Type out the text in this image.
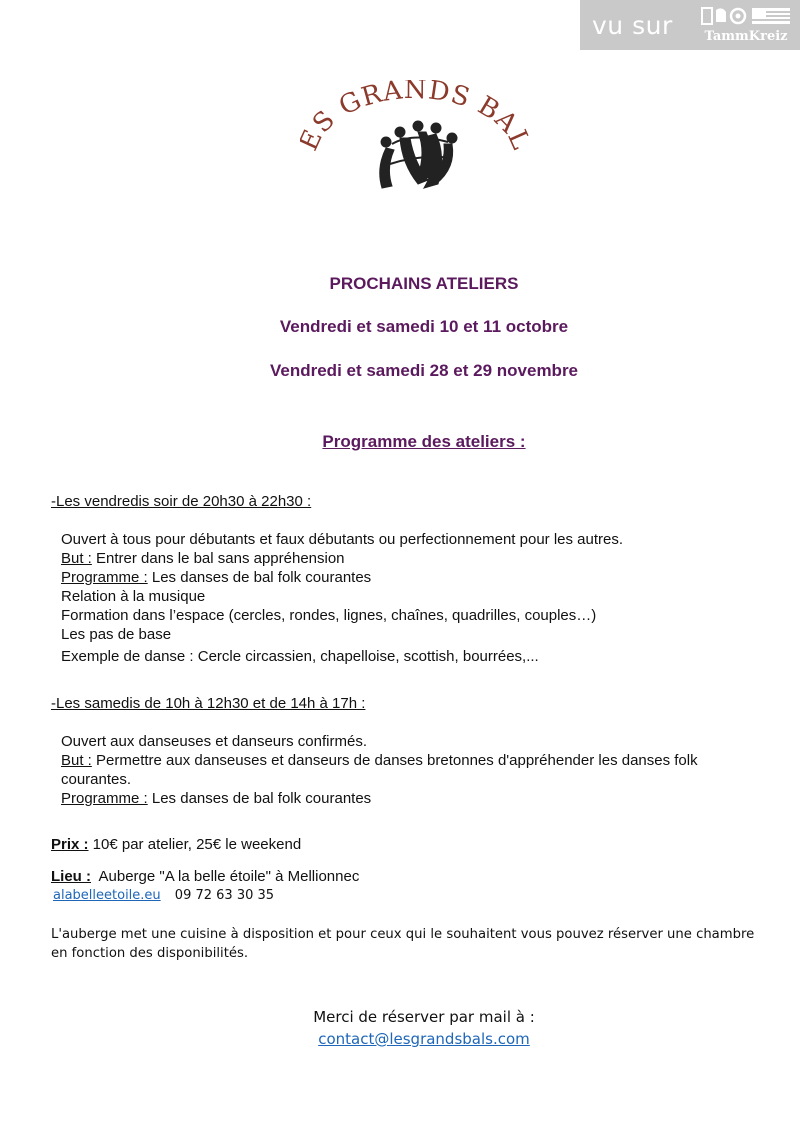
vu sur TammKreiz
S GRANDS BA
PROCHAINS ATELIERS
Vendredi et samedi 10 et 11 octobre
Vendredi et samedi 28 et 29 novembre
Programme des ateliers :

-Les vendredis soir de 20h30 à 22h30 :

Ouvert à tous pour débutants et faux débutants ou perfectionnement pour les autres.
But : Entrer dans le bal sans appréhension
Programme : Les danses de bal folk courantes
Relation à la musique
Formation dans l’espace (cercles, rondes, lignes, chaînes, quadrilles, couples…)
Les pas de base
Exemple de danse : Cercle circassien, chapelloise, scottish, bourrées,...

-Les samedis de 10h à 12h30 et de 14h à 17h :

Ouvert aux danseuses et danseurs confirmés.
But : Permettre aux danseuses et danseurs de danses bretonnes d'appréhender les danses folk courantes.
Programme : Les danses de bal folk courantes
Prix : 10€ par atelier, 25€ le weekend
Lieu :  Auberge "A la belle étoile" à Mellionnec
alabelleetoile.eu 09 72 63 30 35
L'auberge met une cuisine à disposition et pour ceux qui le souhaitent vous pouvez réserver une chambre en fonction des disponibilités.
Merci de réserver par mail à :
contact@lesgrandsbals.com
